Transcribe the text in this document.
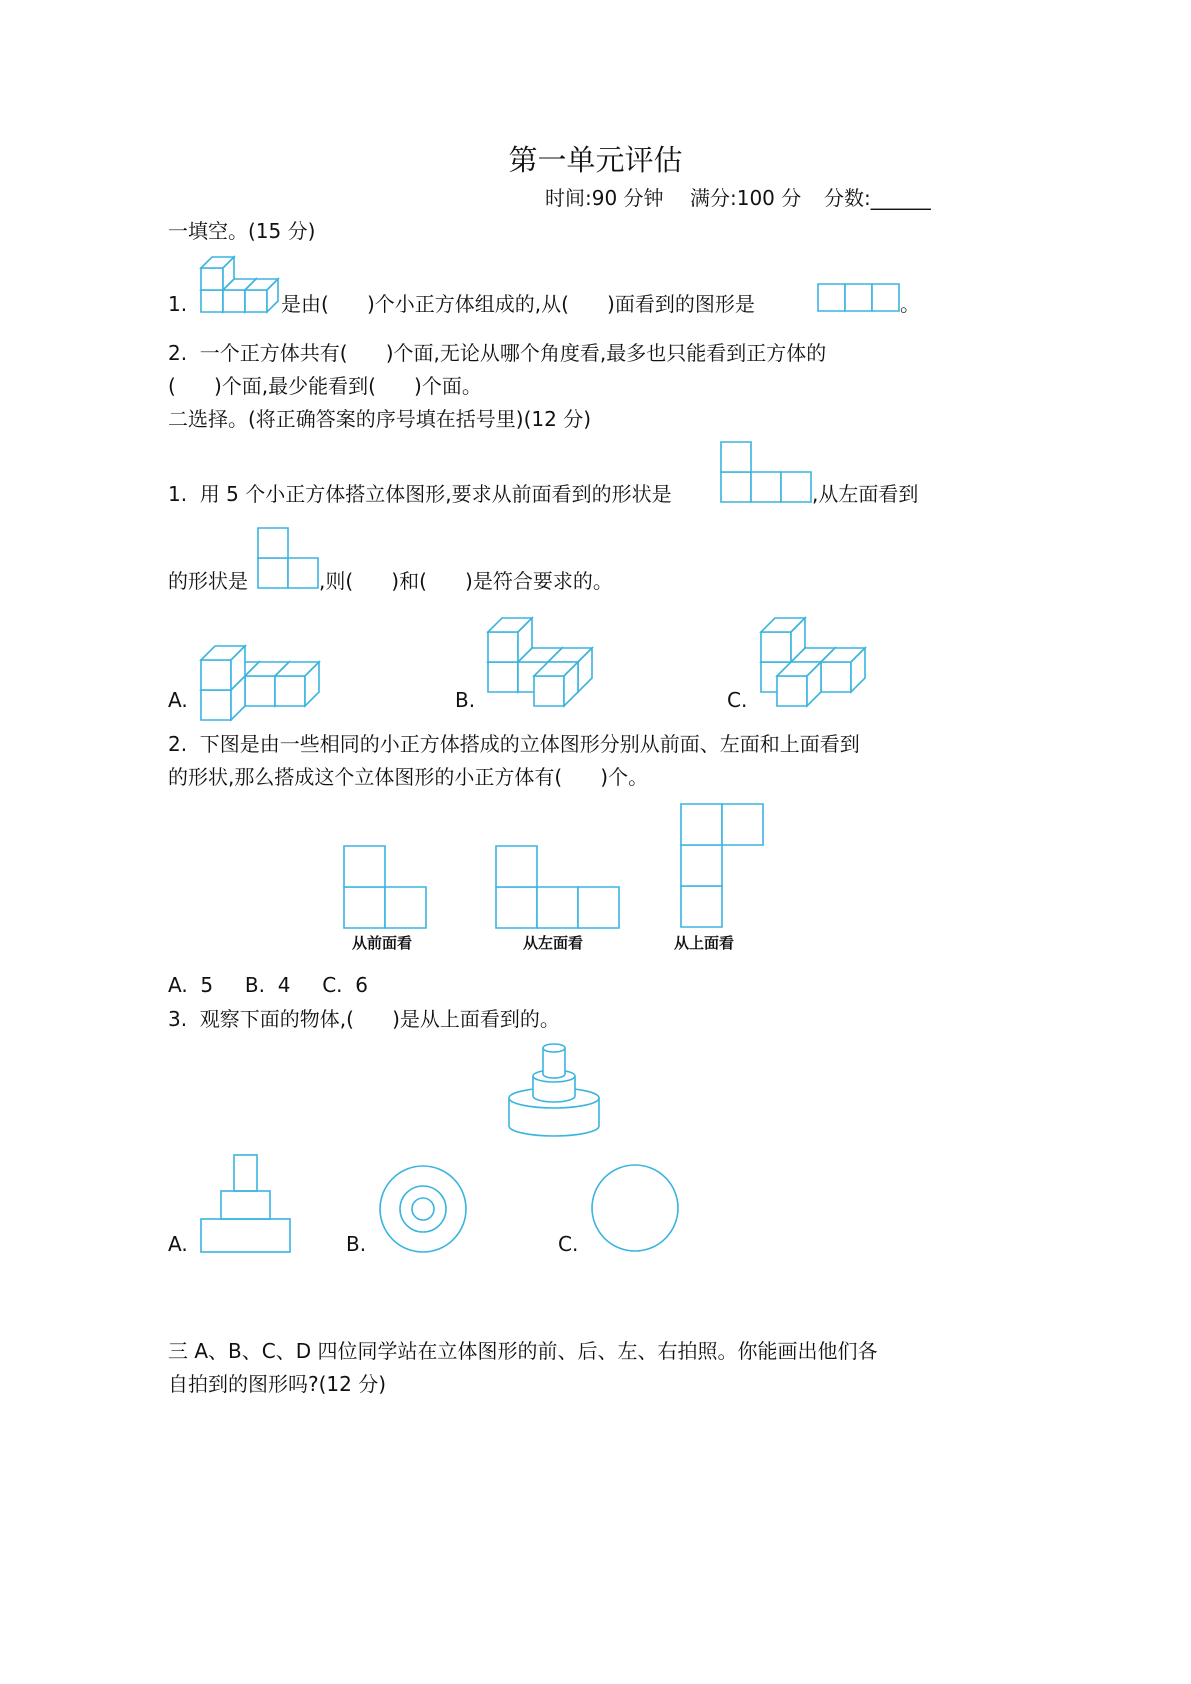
第一单元评估
时间:90 分钟 满分:100 分 分数:______
一填空。(15 分)
1.	是由(      )个小正方体组成的,从(      )面看到的图形是	。
2.  一个正方体共有(      )个面,无论从哪个角度看,最多也只能看到正方体的
(      )个面,最少能看到(      )个面。
二选择。(将正确答案的序号填在括号里)(12 分)
1.  用 5 个小正方体搭立体图形,要求从前面看到的形状是	,从左面看到
的形状是	,则(      )和(      )是符合要求的。
A.	B.	C.
2.  下图是由一些相同的小正方体搭成的立体图形分别从前面、左面和上面看到
的形状,那么搭成这个立体图形的小正方体有(      )个。
从前面看	从左面看	从上面看
A.  5     B.  4     C.  6
3.  观察下面的物体,(      )是从上面看到的。
A.	B.	C.
三 A、B、C、D 四位同学站在立体图形的前、后、左、右拍照。你能画出他们各
自拍到的图形吗?(12 分)
